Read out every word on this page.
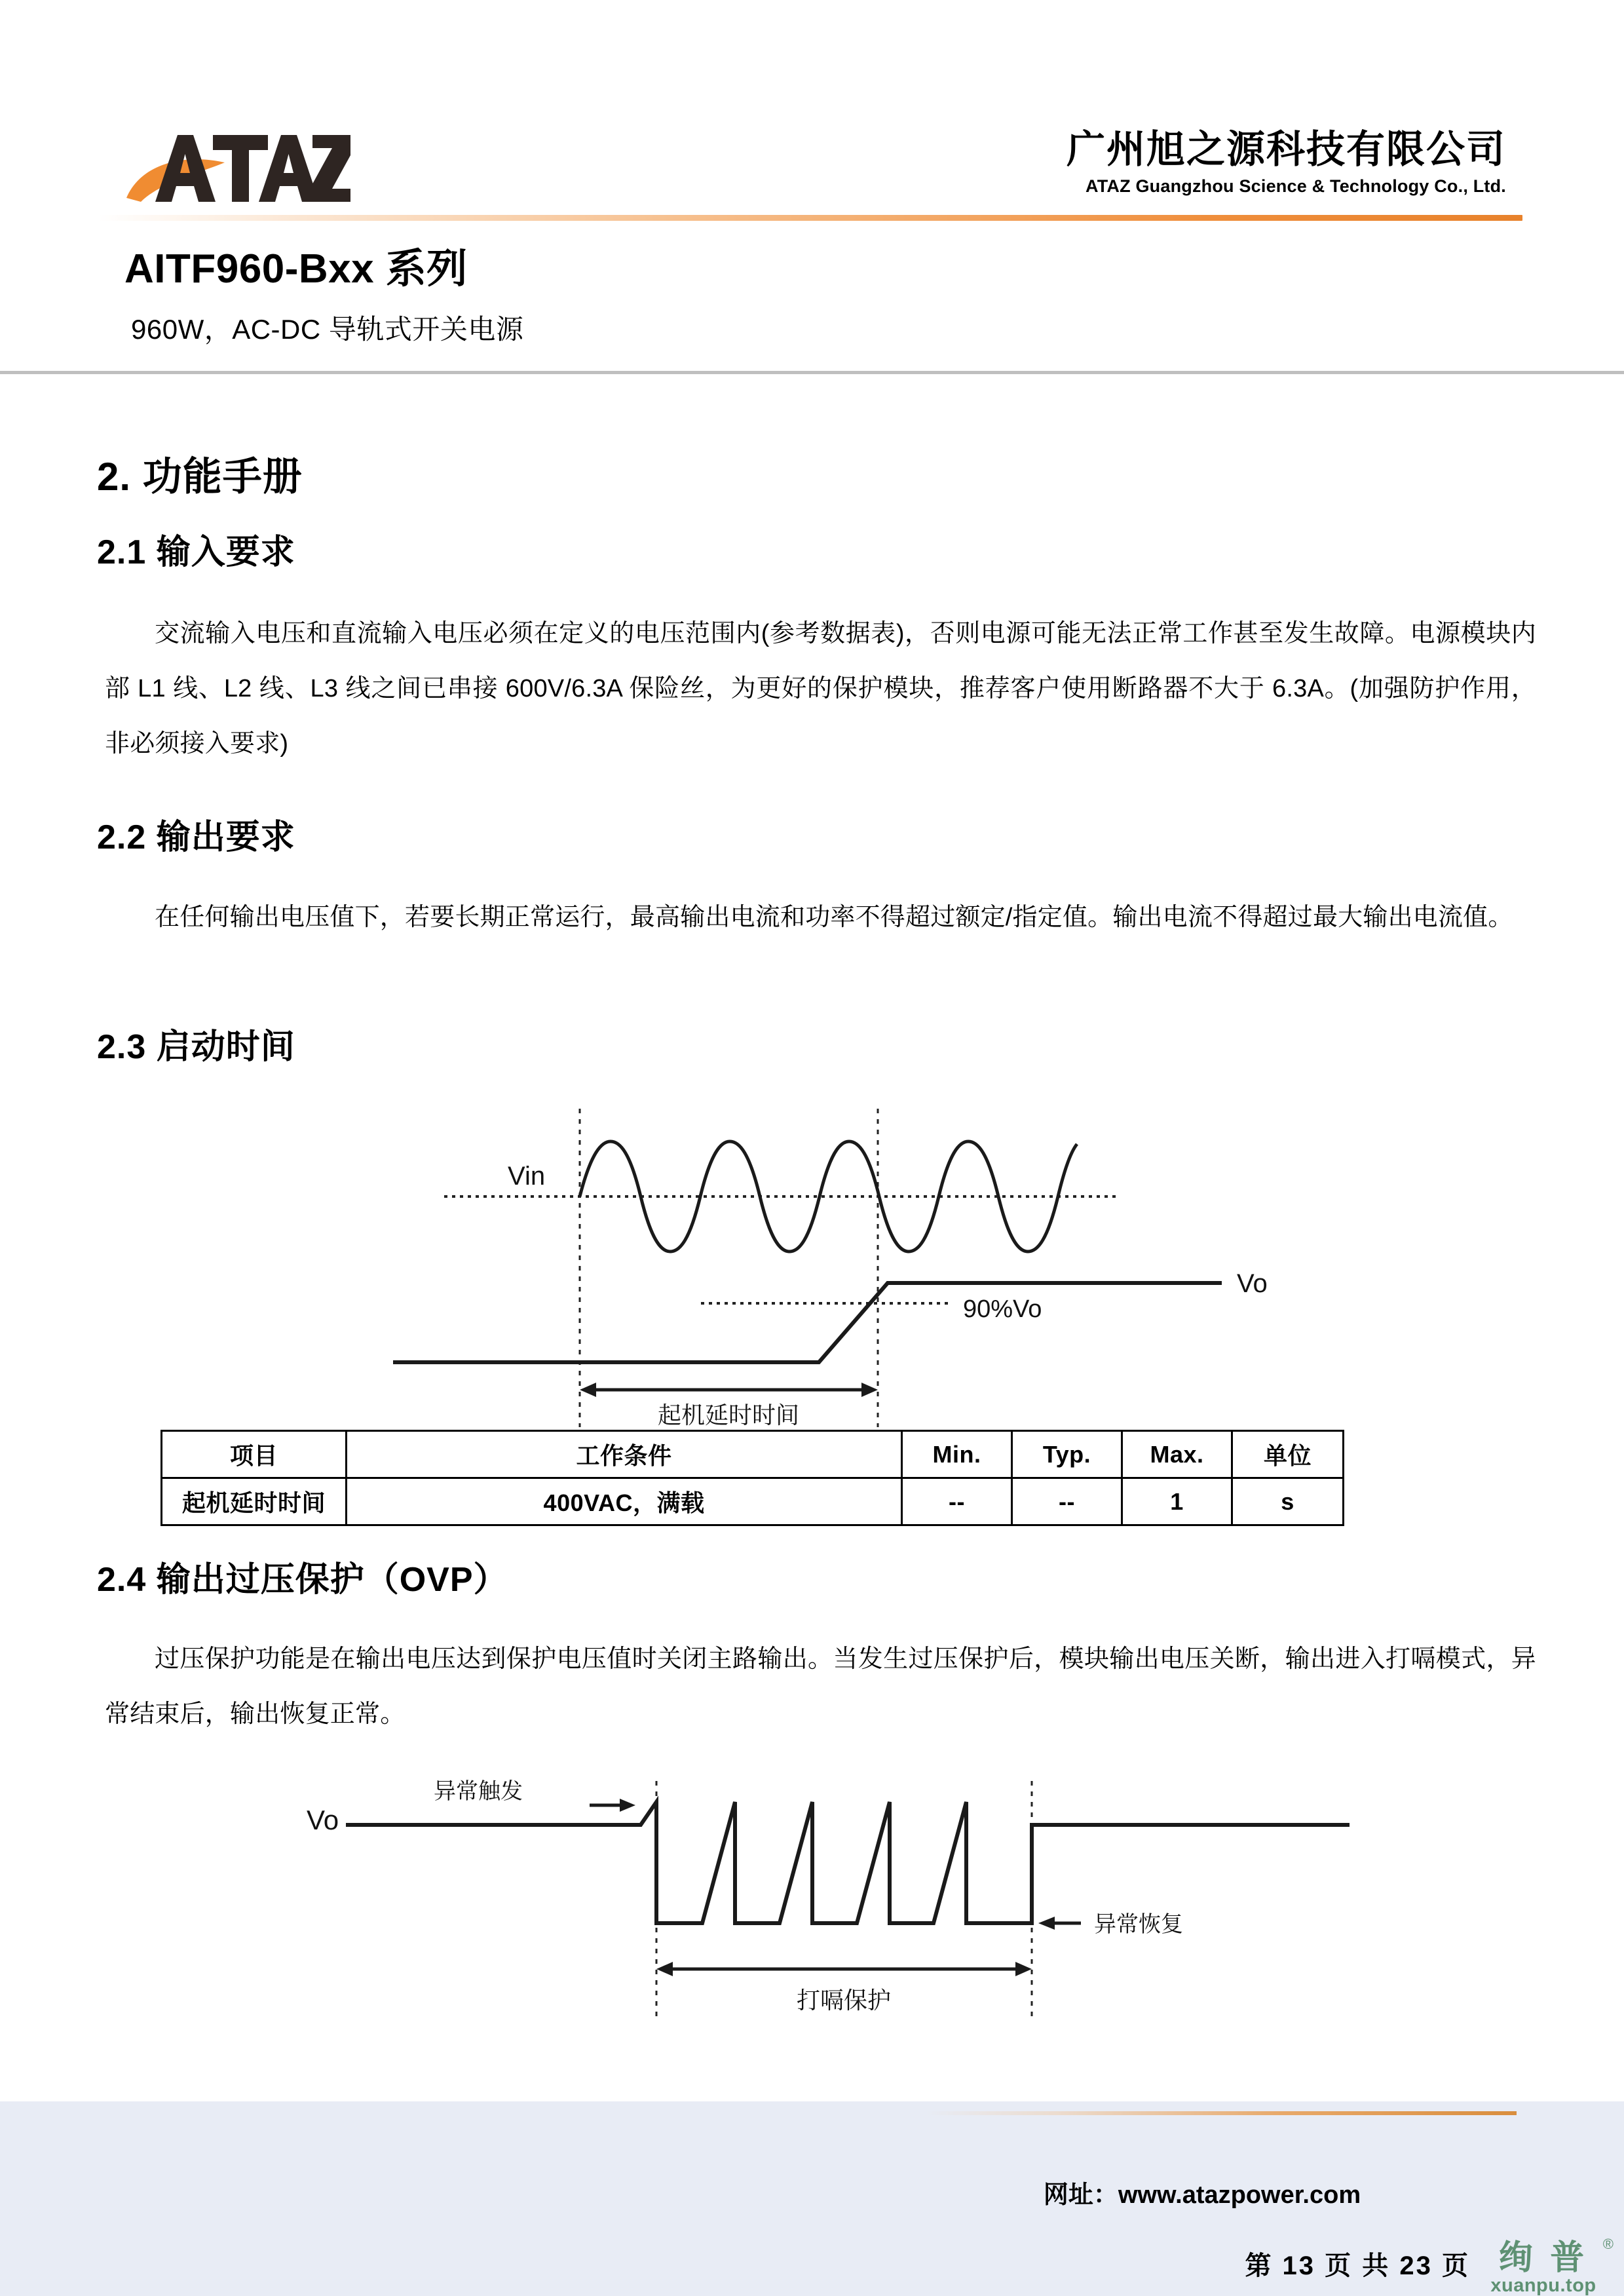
广州旭之源科技有限公司
ATAZ Guangzhou Science & Technology Co., Ltd.
AITF960-Bxx 系列
960W，AC-DC 导轨式开关电源
2. 功能手册
2.1 输入要求

交流输入电压和直流输入电压必须在定义的电压范围内(参考数据表)，否则电源可能无法正常工作甚至发生故障。电源模块内部 L1 线、L2 线、L3 线之间已串接 600V/6.3A 保险丝，为更好的保护模块，推荐客户使用断路器不大于 6.3A。(加强防护作用，非必须接入要求)

2.2 输出要求

在任何输出电压值下，若要长期正常运行，最高输出电流和功率不得超过额定/指定值。输出电流不得超过最大输出电流值。

2.3 启动时间
Vin
Vo
90%Vo
起机延时时间
项目	工作条件	Min.	Typ.	Max.	单位
起机延时时间	400VAC，满载	--	--	1	s
2.4 输出过压保护（OVP）

过压保护功能是在输出电压达到保护电压值时关闭主路输出。当发生过压保护后，模块输出电压关断，输出进入打嗝模式，异常结束后，输出恢复正常。

Vo
异常触发
异常恢复
打嗝保护
网址：www.atazpower.com
第 13 页 共 23 页 绚 普	®
xuanpu.top
